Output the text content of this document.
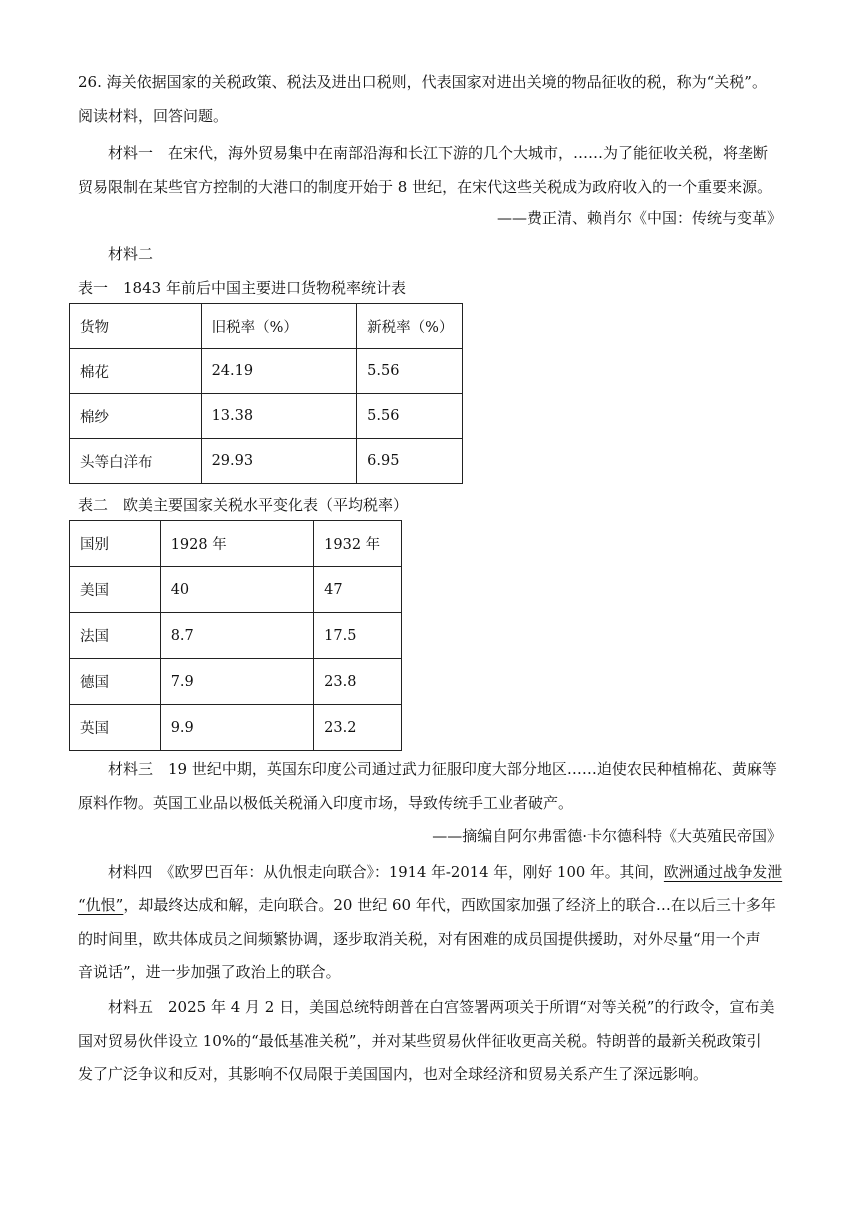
26. 海关依据国家的关税政策、税法及进出口税则，代表国家对进出关境的物品征收的税，称为“关税”。
阅读材料，回答问题。
材料一　在宋代，海外贸易集中在南部沿海和长江下游的几个大城市，……为了能征收关税，将垄断
贸易限制在某些官方控制的大港口的制度开始于 8 世纪，在宋代这些关税成为政府收入的一个重要来源。
——费正清、赖肖尔《中国：传统与变革》
材料二
表一　1843 年前后中国主要进口货物税率统计表
货物	旧税率（%）	新税率（%）
棉花	24.19	5.56
棉纱	13.38	5.56
头等白洋布	29.93	6.95
表二　欧美主要国家关税水平变化表（平均税率）
国别	1928 年	1932 年
美国	40	47
法国	8.7	17.5
德国	7.9	23.8
英国	9.9	23.2
材料三　19 世纪中期，英国东印度公司通过武力征服印度大部分地区……迫使农民种植棉花、黄麻等
原料作物。英国工业品以极低关税涌入印度市场，导致传统手工业者破产。
——摘编自阿尔弗雷德·卡尔德科特《大英殖民帝国》
材料四　《欧罗巴百年：从仇恨走向联合》：1914 年-2014 年，刚好 100 年。其间，欧洲通过战争发泄
“仇恨”，却最终达成和解，走向联合。20 世纪 60 年代，西欧国家加强了经济上的联合…在以后三十多年
的时间里，欧共体成员之间频繁协调，逐步取消关税，对有困难的成员国提供援助，对外尽量“用一个声
音说话”，进一步加强了政治上的联合。
材料五　2025 年 4 月 2 日，美国总统特朗普在白宫签署两项关于所谓“对等关税”的行政令，宣布美
国对贸易伙伴设立 10%的“最低基准关税”，并对某些贸易伙伴征收更高关税。特朗普的最新关税政策引
发了广泛争议和反对，其影响不仅局限于美国国内，也对全球经济和贸易关系产生了深远影响。
